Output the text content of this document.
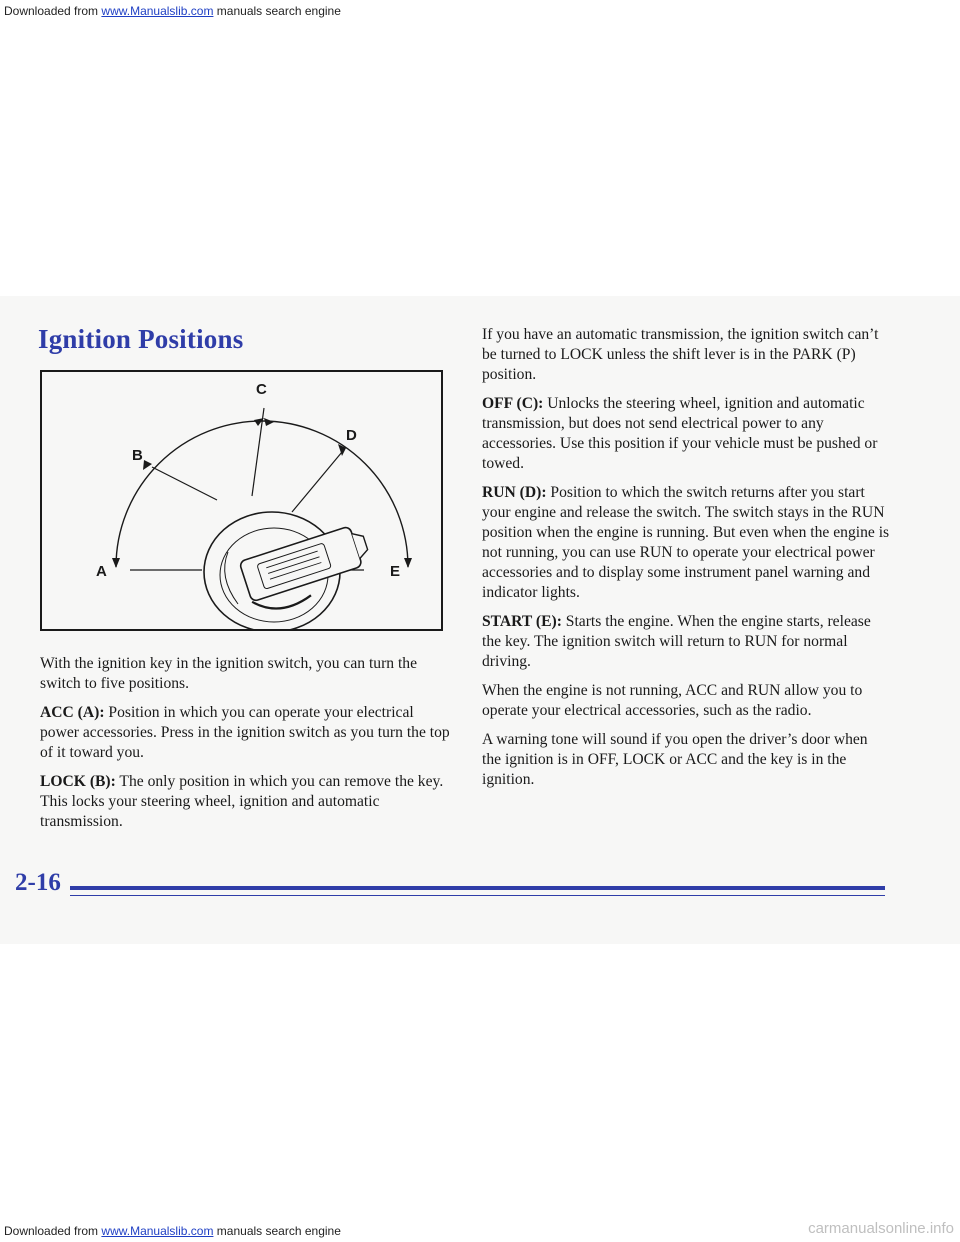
Downloaded from www.Manualslib.com manuals search engine
Ignition Positions
A
B
C
D
E

With the ignition key in the ignition switch, you can turn the switch to five positions.

ACC (A): Position in which you can operate your electrical power accessories. Press in the ignition switch as you turn the top of it toward you.

LOCK (B): The only position in which you can remove the key. This locks your steering wheel, ignition and automatic transmission.

If you have an automatic transmission, the ignition switch can’t be turned to LOCK unless the shift lever is in the PARK (P) position.

OFF (C): Unlocks the steering wheel, ignition and automatic transmission, but does not send electrical power to any accessories. Use this position if your vehicle must be pushed or towed.

RUN (D): Position to which the switch returns after you start your engine and release the switch. The switch stays in the RUN position when the engine is running. But even when the engine is not running, you can use RUN to operate your electrical power accessories and to display some instrument panel warning and indicator lights.

START (E): Starts the engine. When the engine starts, release the key. The ignition switch will return to RUN for normal driving.

When the engine is not running, ACC and RUN allow you to operate your electrical accessories, such as the radio.

A warning tone will sound if you open the driver’s door when the ignition is in OFF, LOCK or ACC and the key is in the ignition.

2-16
Downloaded from www.Manualslib.com manuals search engine	carmanualsonline.info
